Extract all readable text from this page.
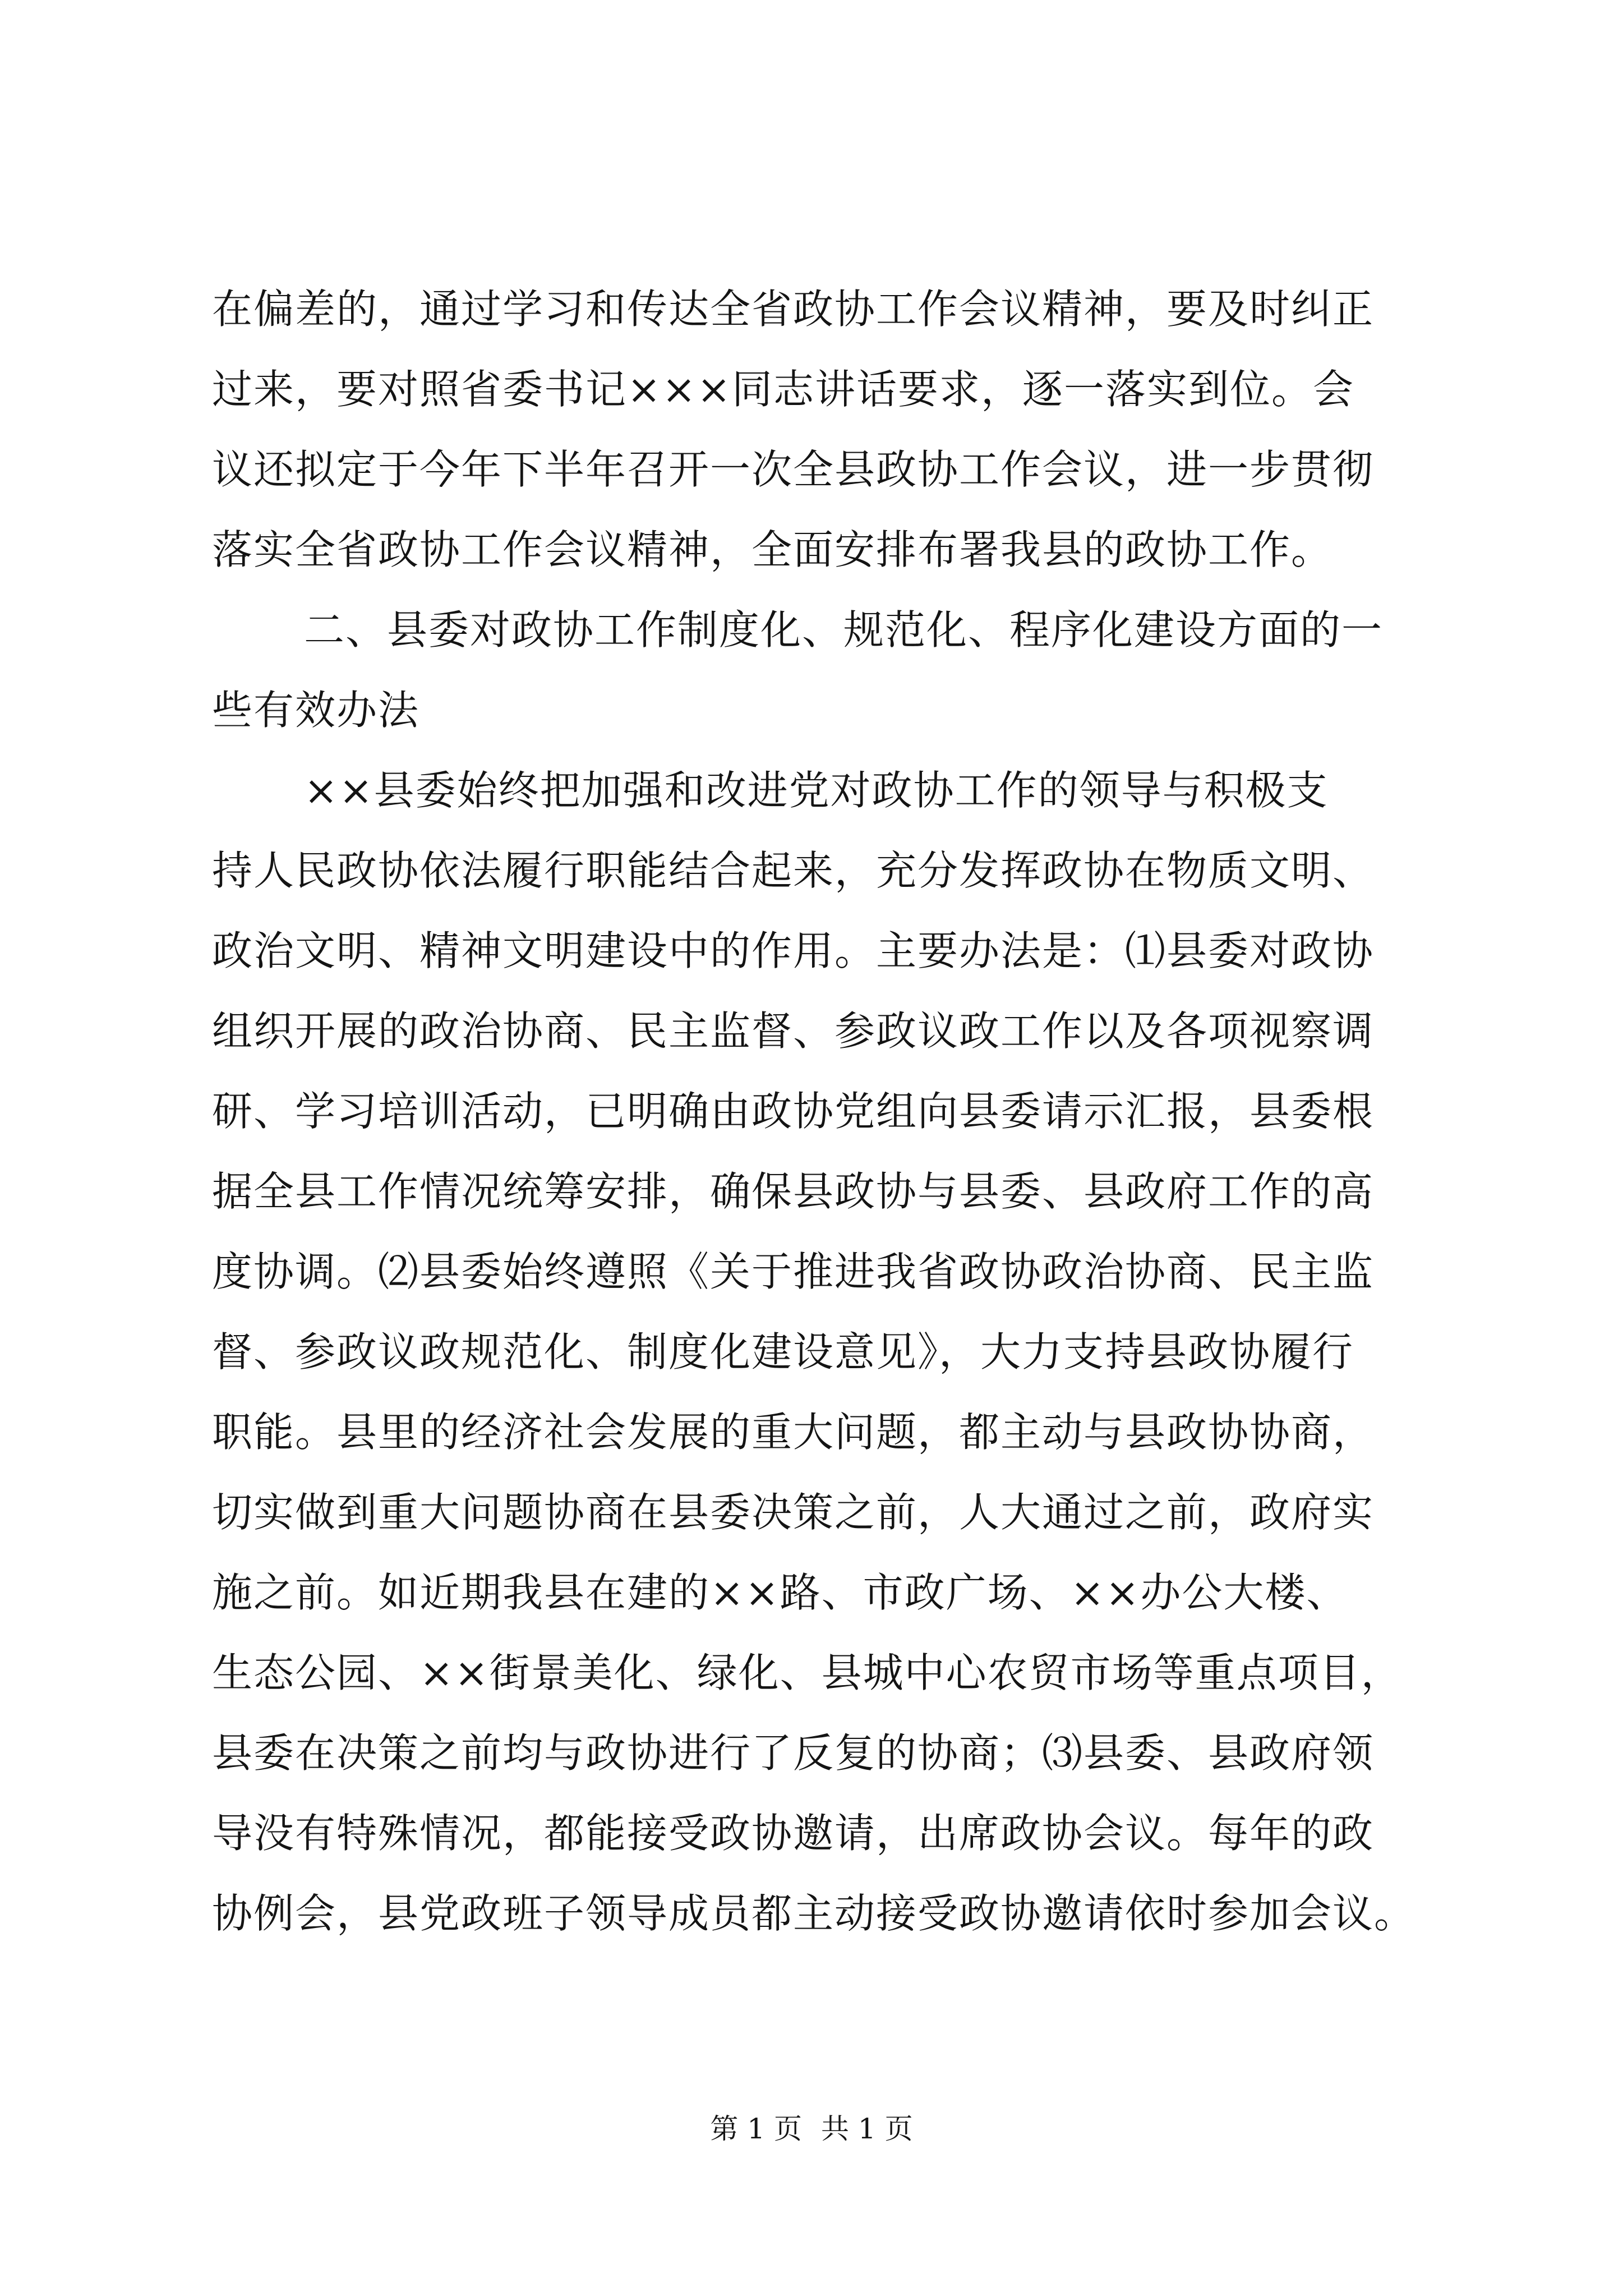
在偏差的，通过学习和传达全省政协工作会议精神，要及时纠正
过来，要对照省委书记×××同志讲话要求，逐一落实到位。会
议还拟定于今年下半年召开一次全县政协工作会议，进一步贯彻
落实全省政协工作会议精神，全面安排布署我县的政协工作。
二、县委对政协工作制度化、规范化、程序化建设方面的一
些有效办法
××县委始终把加强和改进党对政协工作的领导与积极支
持人民政协依法履行职能结合起来，充分发挥政协在物质文明、
政治文明、精神文明建设中的作用。主要办法是：⑴县委对政协
组织开展的政治协商、民主监督、参政议政工作以及各项视察调
研、学习培训活动，已明确由政协党组向县委请示汇报，县委根
据全县工作情况统筹安排，确保县政协与县委、县政府工作的高
度协调。⑵县委始终遵照《关于推进我省政协政治协商、民主监
督、参政议政规范化、制度化建设意见》，大力支持县政协履行
职能。县里的经济社会发展的重大问题，都主动与县政协协商，
切实做到重大问题协商在县委决策之前，人大通过之前，政府实
施之前。如近期我县在建的××路、市政广场、××办公大楼、
生态公园、××街景美化、绿化、县城中心农贸市场等重点项目，
县委在决策之前均与政协进行了反复的协商；⑶县委、县政府领
导没有特殊情况，都能接受政协邀请，出席政协会议。每年的政
协例会，县党政班子领导成员都主动接受政协邀请依时参加会议。
第 1 页 共 1 页
